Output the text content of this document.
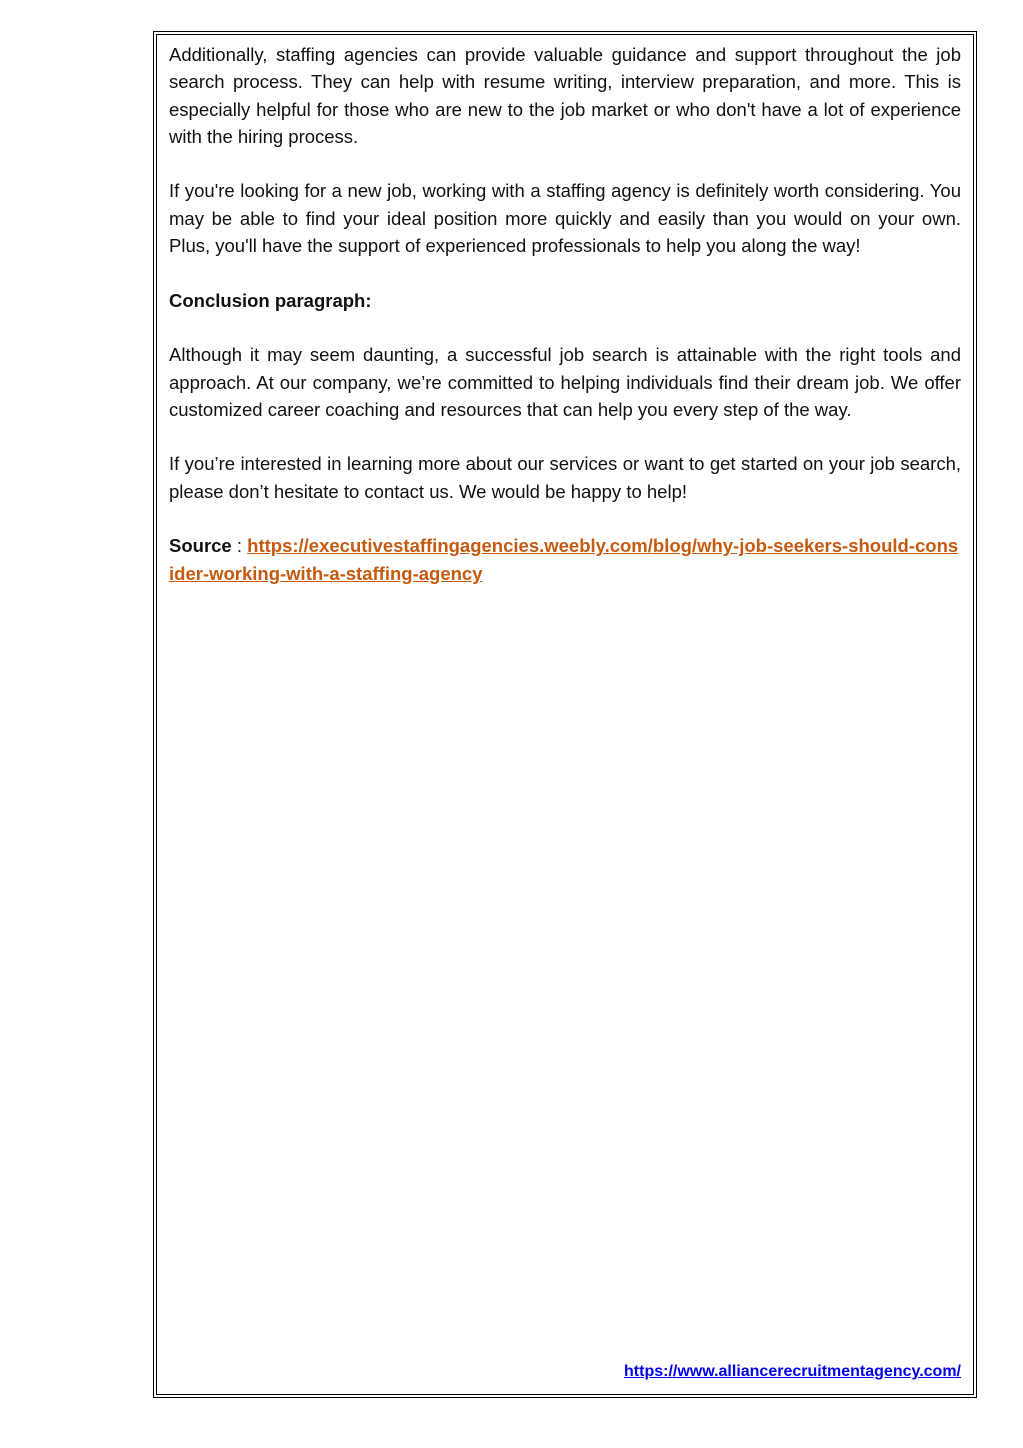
Additionally, staffing agencies can provide valuable guidance and support throughout the job search process. They can help with resume writing, interview preparation, and more. This is especially helpful for those who are new to the job market or who don't have a lot of experience with the hiring process.

If you're looking for a new job, working with a staffing agency is definitely worth considering. You may be able to find your ideal position more quickly and easily than you would on your own. Plus, you'll have the support of experienced professionals to help you along the way!

Conclusion paragraph:

Although it may seem daunting, a successful job search is attainable with the right tools and approach. At our company, we’re committed to helping individuals find their dream job. We offer customized career coaching and resources that can help you every step of the way.

If you’re interested in learning more about our services or want to get started on your job search, please don’t hesitate to contact us. We would be happy to help!

Source : https://executivestaffingagencies.weebly.com/blog/why-job-seekers-should-consider-working-with-a-staffing-agency

https://www.alliancerecruitmentagency.com/
